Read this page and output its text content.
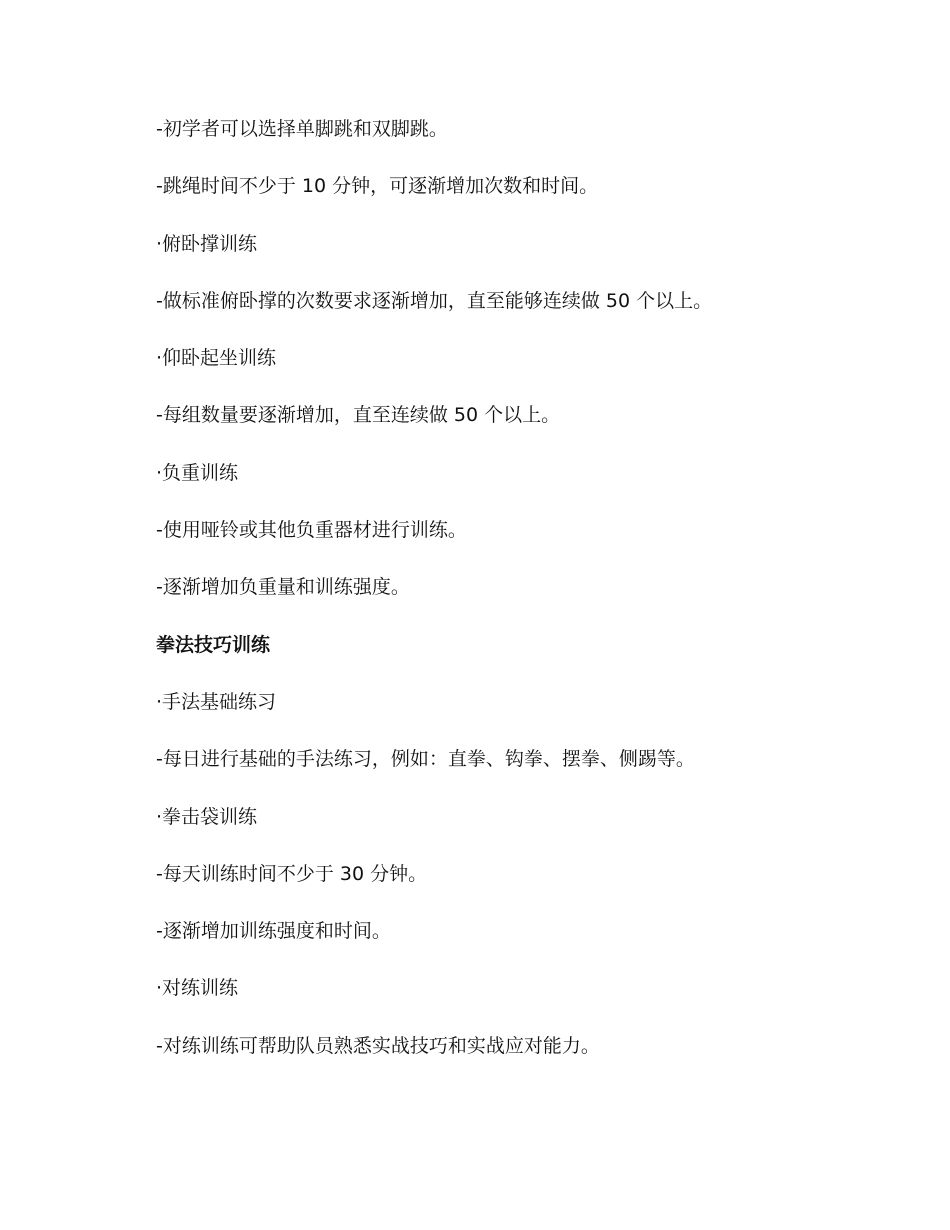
-初学者可以选择单脚跳和双脚跳。
-跳绳时间不少于 10 分钟，可逐渐增加次数和时间。
·俯卧撑训练
-做标准俯卧撑的次数要求逐渐增加，直至能够连续做 50 个以上。
·仰卧起坐训练
-每组数量要逐渐增加，直至连续做 50 个以上。
·负重训练
-使用哑铃或其他负重器材进行训练。
-逐渐增加负重量和训练强度。
拳法技巧训练
·手法基础练习
-每日进行基础的手法练习，例如：直拳、钩拳、摆拳、侧踢等。
·拳击袋训练
-每天训练时间不少于 30 分钟。
-逐渐增加训练强度和时间。
·对练训练
-对练训练可帮助队员熟悉实战技巧和实战应对能力。
